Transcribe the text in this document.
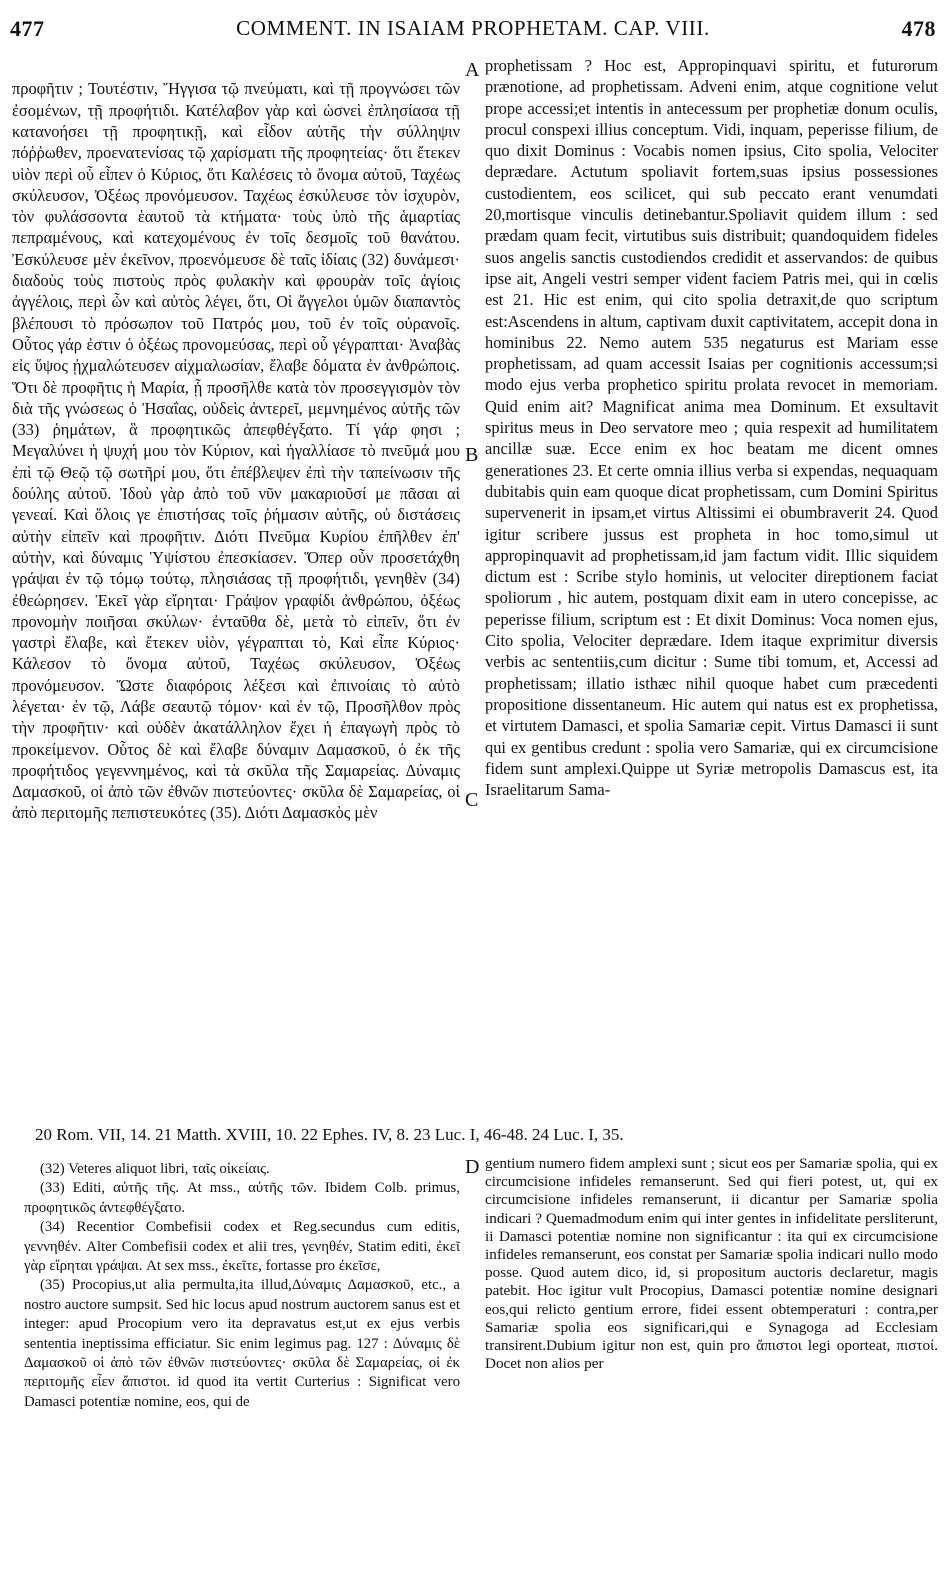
477	COMMENT. IN ISAIAM PROPHETAM. CAP. VIII.	478

προφῆτιν ; Τουτέστιν, Ἤγγισα τῷ πνεύματι, καὶ τῇ προγνώσει τῶν ἐσομένων, τῇ προφήτιδι. Κατέλαβον γὰρ καὶ ὡσνεὶ ἐπλησίασα τῇ κατανοήσει τῇ προφητικῇ, καὶ εἶδον αὐτῆς τὴν σύλληψιν πόῤῥωθεν, προενατενίσας τῷ χαρίσματι τῆς προφητείας· ὅτι ἔτεκεν υἱὸν περὶ οὗ εἶπεν ὁ Κύριος, ὅτι Καλέσεις τὸ ὄνομα αὐτοῦ, Ταχέως σκύλευσον, Ὀξέως προνόμευσον. Ταχέως ἐσκύλευσε τὸν ἰσχυρὸν, τὸν φυλάσσοντα ἑαυτοῦ τὰ κτήματα· τοὺς ὑπὸ τῆς ἁμαρτίας πεπραμένους, καὶ κατεχομένους ἐν τοῖς δεσμοῖς τοῦ θανάτου. Ἐσκύλευσε μὲν ἐκεῖνον, προενόμευσε δὲ ταῖς ἰδίαις (32) δυνάμεσι· διαδοὺς τοὺς πιστοὺς πρὸς φυλακὴν καὶ φρουρὰν τοῖς ἁγίοις ἀγγέλοις, περὶ ὧν καὶ αὐτὸς λέγει, ὅτι, Οἱ ἄγγελοι ὑμῶν διαπαντὸς βλέπουσι τὸ πρόσωπον τοῦ Πατρός μου, τοῦ ἐν τοῖς οὐρανοῖς. Οὗτος γάρ ἐστιν ὁ ὀξέως προνομεύσας, περὶ οὗ γέγραπται· Ἀναβὰς εἰς ὕψος ᾐχμαλώτευσεν αἰχμαλωσίαν, ἔλαβε δόματα ἐν ἀνθρώποις. Ὅτι δὲ προφῆτις ἡ Μαρία, ᾗ προσῆλθε κατὰ τὸν προσεγγισμὸν τὸν διὰ τῆς γνώσεως ὁ Ἠσαΐας, οὐδεὶς ἀντερεῖ, μεμνημένος αὐτῆς τῶν (33) ῥημάτων, ἃ προφητικῶς ἀπεφθέγξατο. Τί γάρ φησι ; Μεγαλύνει ἡ ψυχή μου τὸν Κύριον, καὶ ἠγαλλίασε τὸ πνεῦμά μου ἐπὶ τῷ Θεῷ τῷ σωτῆρί μου, ὅτι ἐπέβλεψεν ἐπὶ τὴν ταπείνωσιν τῆς δούλης αὐτοῦ. Ἰδοὺ γὰρ ἀπὸ τοῦ νῦν μακαριοῦσί με πᾶσαι αἱ γενεαί. Καὶ ὅλοις γε ἐπιστήσας τοῖς ῥήμασιν αὐτῆς, οὐ διστάσεις αὐτὴν εἰπεῖν καὶ προφῆτιν. Διότι Πνεῦμα Κυρίου ἐπῆλθεν ἐπ' αὐτὴν, καὶ δύναμις Ὑψίστου ἐπεσκίασεν. Ὅπερ οὖν προσετάχθη γράψαι ἐν τῷ τόμῳ τούτῳ, πλησιάσας τῇ προφήτιδι, γενηθὲν (34) ἐθεώρησεν. Ἐκεῖ γὰρ εἴρηται· Γράψον γραφίδι ἀνθρώπου, ὀξέως προνομὴν ποιῆσαι σκύλων· ἐνταῦθα δὲ, μετὰ τὸ εἰπεῖν, ὅτι ἐν γαστρὶ ἔλαβε, καὶ ἔτεκεν υἱὸν, γέγραπται τὸ, Καὶ εἶπε Κύριος· Κάλεσον τὸ ὄνομα αὐτοῦ, Ταχέως σκύλευσον, Ὀξέως προνόμευσον. Ὥστε διαφόροις λέξεσι καὶ ἐπινοίαις τὸ αὐτὸ λέγεται· ἐν τῷ, Λάβε σεαυτῷ τόμον· καὶ ἐν τῷ, Προσῆλθον πρὸς τὴν προφῆτιν· καὶ οὐδὲν ἀκατάλληλον ἔχει ἡ ἐπαγωγὴ πρὸς τὸ προκείμενον. Οὗτος δὲ καὶ ἔλαβε δύναμιν Δαμασκοῦ, ὁ ἐκ τῆς προφήτιδος γεγεννημένος, καὶ τὰ σκῦλα τῆς Σαμαρείας. Δύναμις Δαμασκοῦ, οἱ ἀπὸ τῶν ἐθνῶν πιστεύοντες· σκῦλα δὲ Σαμαρείας, οἱ ἀπὸ περιτομῆς πεπιστευκότες (35). Διότι Δαμασκὸς μὲν

A
B
C
D

prophetissam ? Hoc est, Appropinquavi spiritu, et futurorum prænotione, ad prophetissam. Adveni enim, atque cognitione velut prope accessi;et intentis in antecessum per prophetiæ donum oculis, procul conspexi illius conceptum. Vidi, inquam, peperisse filium, de quo dixit Dominus : Vocabis nomen ipsius, Cito spolia, Velociter deprædare. Actutum spoliavit fortem,suas ipsius possessiones custodientem, eos scilicet, qui sub peccato erant venumdati 20,mortisque vinculis detinebantur.Spoliavit quidem illum : sed prædam quam fecit, virtutibus suis distribuit; quandoquidem fideles suos angelis sanctis custodiendos credidit et asservandos: de quibus ipse ait, Angeli vestri semper vident faciem Patris mei, qui in cœlis est 21. Hic est enim, qui cito spolia detraxit,de quo scriptum est:Ascendens in altum, captivam duxit captivitatem, accepit dona in hominibus 22. Nemo autem 535 negaturus est Mariam esse prophetissam, ad quam accessit Isaias per cognitionis accessum;si modo ejus verba prophetico spiritu prolata revocet in memoriam. Quid enim ait? Magnificat anima mea Dominum. Et exsultavit spiritus meus in Deo servatore meo ; quia respexit ad humilitatem ancillæ suæ. Ecce enim ex hoc beatam me dicent omnes generationes 23. Et certe omnia illius verba si expendas, nequaquam dubitabis quin eam quoque dicat prophetissam, cum Domini Spiritus supervenerit in ipsam,et virtus Altissimi ei obumbraverit 24. Quod igitur scribere jussus est propheta in hoc tomo,simul ut appropinquavit ad prophetissam,id jam factum vidit. Illic siquidem dictum est : Scribe stylo hominis, ut velociter direptionem faciat spoliorum , hic autem, postquam dixit eam in utero concepisse, ac peperisse filium, scriptum est : Et dixit Dominus: Voca nomen ejus, Cito spolia, Velociter deprædare. Idem itaque exprimitur diversis verbis ac sententiis,cum dicitur : Sume tibi tomum, et, Accessi ad prophetissam; illatio isthæc nihil quoque habet cum præcedenti propositione dissentaneum. Hic autem qui natus est ex prophetissa, et virtutem Damasci, et spolia Samariæ cepit. Virtus Damasci ii sunt qui ex gentibus credunt : spolia vero Samariæ, qui ex circumcisione fidem sunt amplexi.Quippe ut Syriæ metropolis Damascus est, ita Israelitarum Sama-

20 Rom. VII, 14. 21 Matth. XVIII, 10. 22 Ephes. IV, 8. 23 Luc. I, 46-48. 24 Luc. I, 35.

(32) Veteres aliquot libri, ταῖς οἰκείαις.

(33) Editi, αὐτῆς τῆς. At mss., αὐτῆς τῶν. Ibidem Colb. primus, προφητικῶς ἀντεφθέγξατο.

(34) Recentior Combefisii codex et Reg.secundus cum editis, γεννηθέν. Alter Combefisii codex et alii tres, γενηθέν, Statim editi, ἐκεῖ γὰρ εἴρηται γράψαι. At sex mss., ἐκεῖτε, fortasse pro ἐκεῖσε,

(35) Procopius,ut alia permulta,ita illud,Δύναμις Δαμασκοῦ, etc., a nostro auctore sumpsit. Sed hic locus apud nostrum auctorem sanus est et integer: apud Procopium vero ita depravatus est,ut ex ejus verbis sententia ineptissima efficiatur. Sic enim legimus pag. 127 : Δύναμις δὲ Δαμασκοῦ οἱ ἀπὸ τῶν ἐθνῶν πιστεύοντες· σκῦλα δὲ Σαμαρείας, οἱ ἐκ περιτομῆς εἶεν ἄπιστοι. id quod ita vertit Curterius : Significat vero Damasci potentiæ nomine, eos, qui de

gentium numero fidem amplexi sunt ; sicut eos per Samariæ spolia, qui ex circumcisione infideles remanserunt. Sed qui fieri potest, ut, qui ex circumcisione infideles remanserunt, ii dicantur per Samariæ spolia indicari ? Quemadmodum enim qui inter gentes in infidelitate persliterunt, ii Damasci potentiæ nomine non significantur : ita qui ex circumcisione infideles remanserunt, eos constat per Samariæ spolia indicari nullo modo posse. Quod autem dico, id, si propositum auctoris declaretur, magis patebit. Hoc igitur vult Procopius, Damasci potentiæ nomine designari eos,qui relicto gentium errore, fidei essent obtemperaturi : contra,per Samariæ spolia eos significari,qui e Synagoga ad Ecclesiam transirent.Dubium igitur non est, quin pro ἄπιστοι legi oporteat, πιστοί. Docet non alios per
